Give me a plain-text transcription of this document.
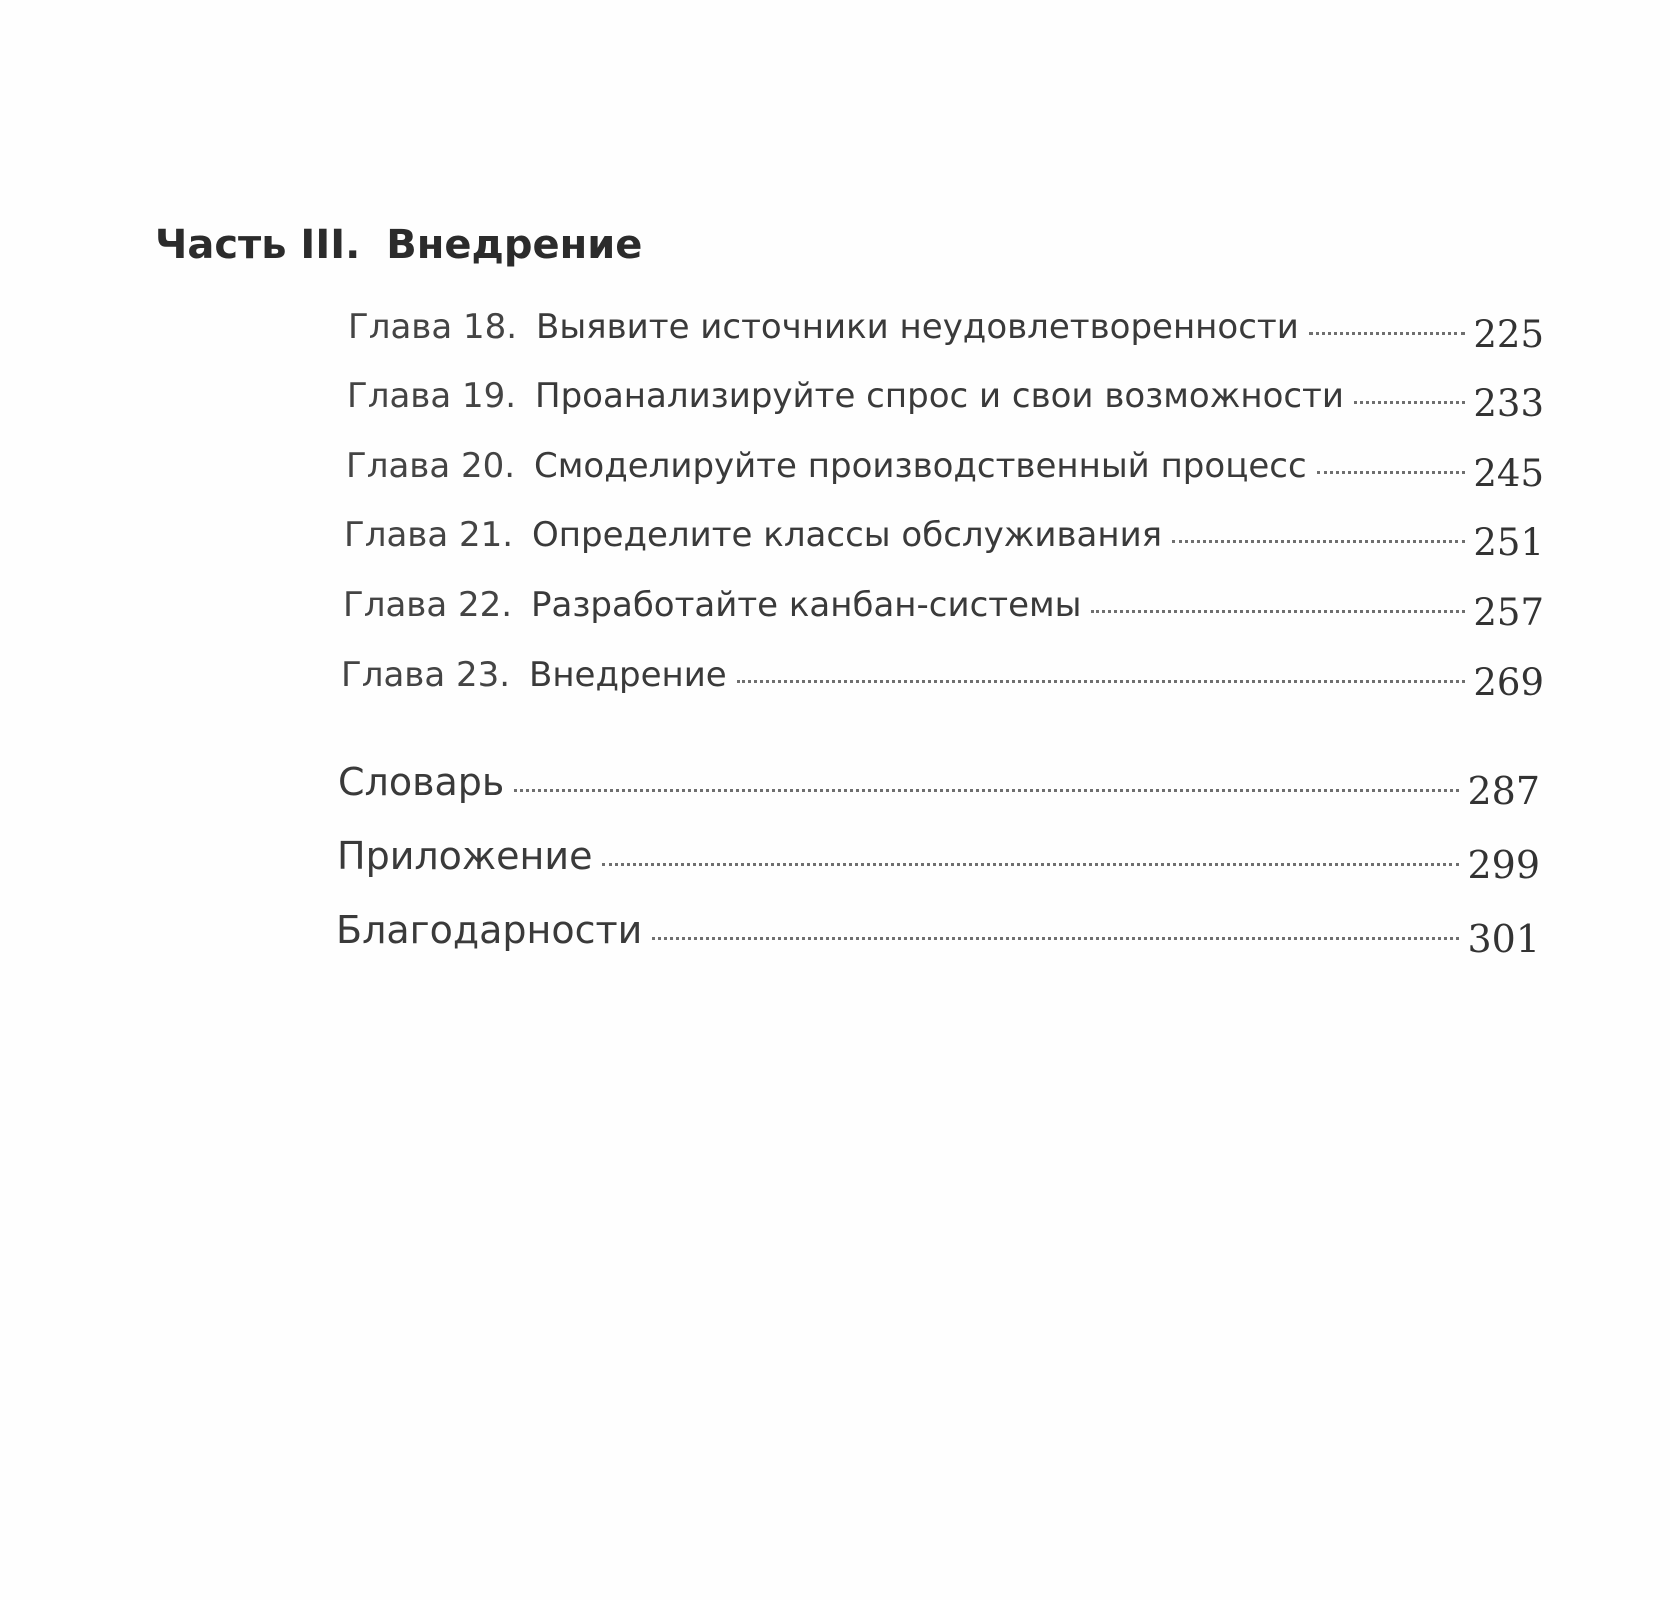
Часть III. Внедрение
Глава 18. Выявите источники неудовлетворенности	225
Глава 19. Проанализируйте спрос и свои возможности	233
Глава 20. Смоделируйте производственный процесс	245
Глава 21. Определите классы обслуживания	251
Глава 22. Разработайте канбан-системы	257
Глава 23. Внедрение	269
Словарь	287
Приложение	299
Благодарности	301
